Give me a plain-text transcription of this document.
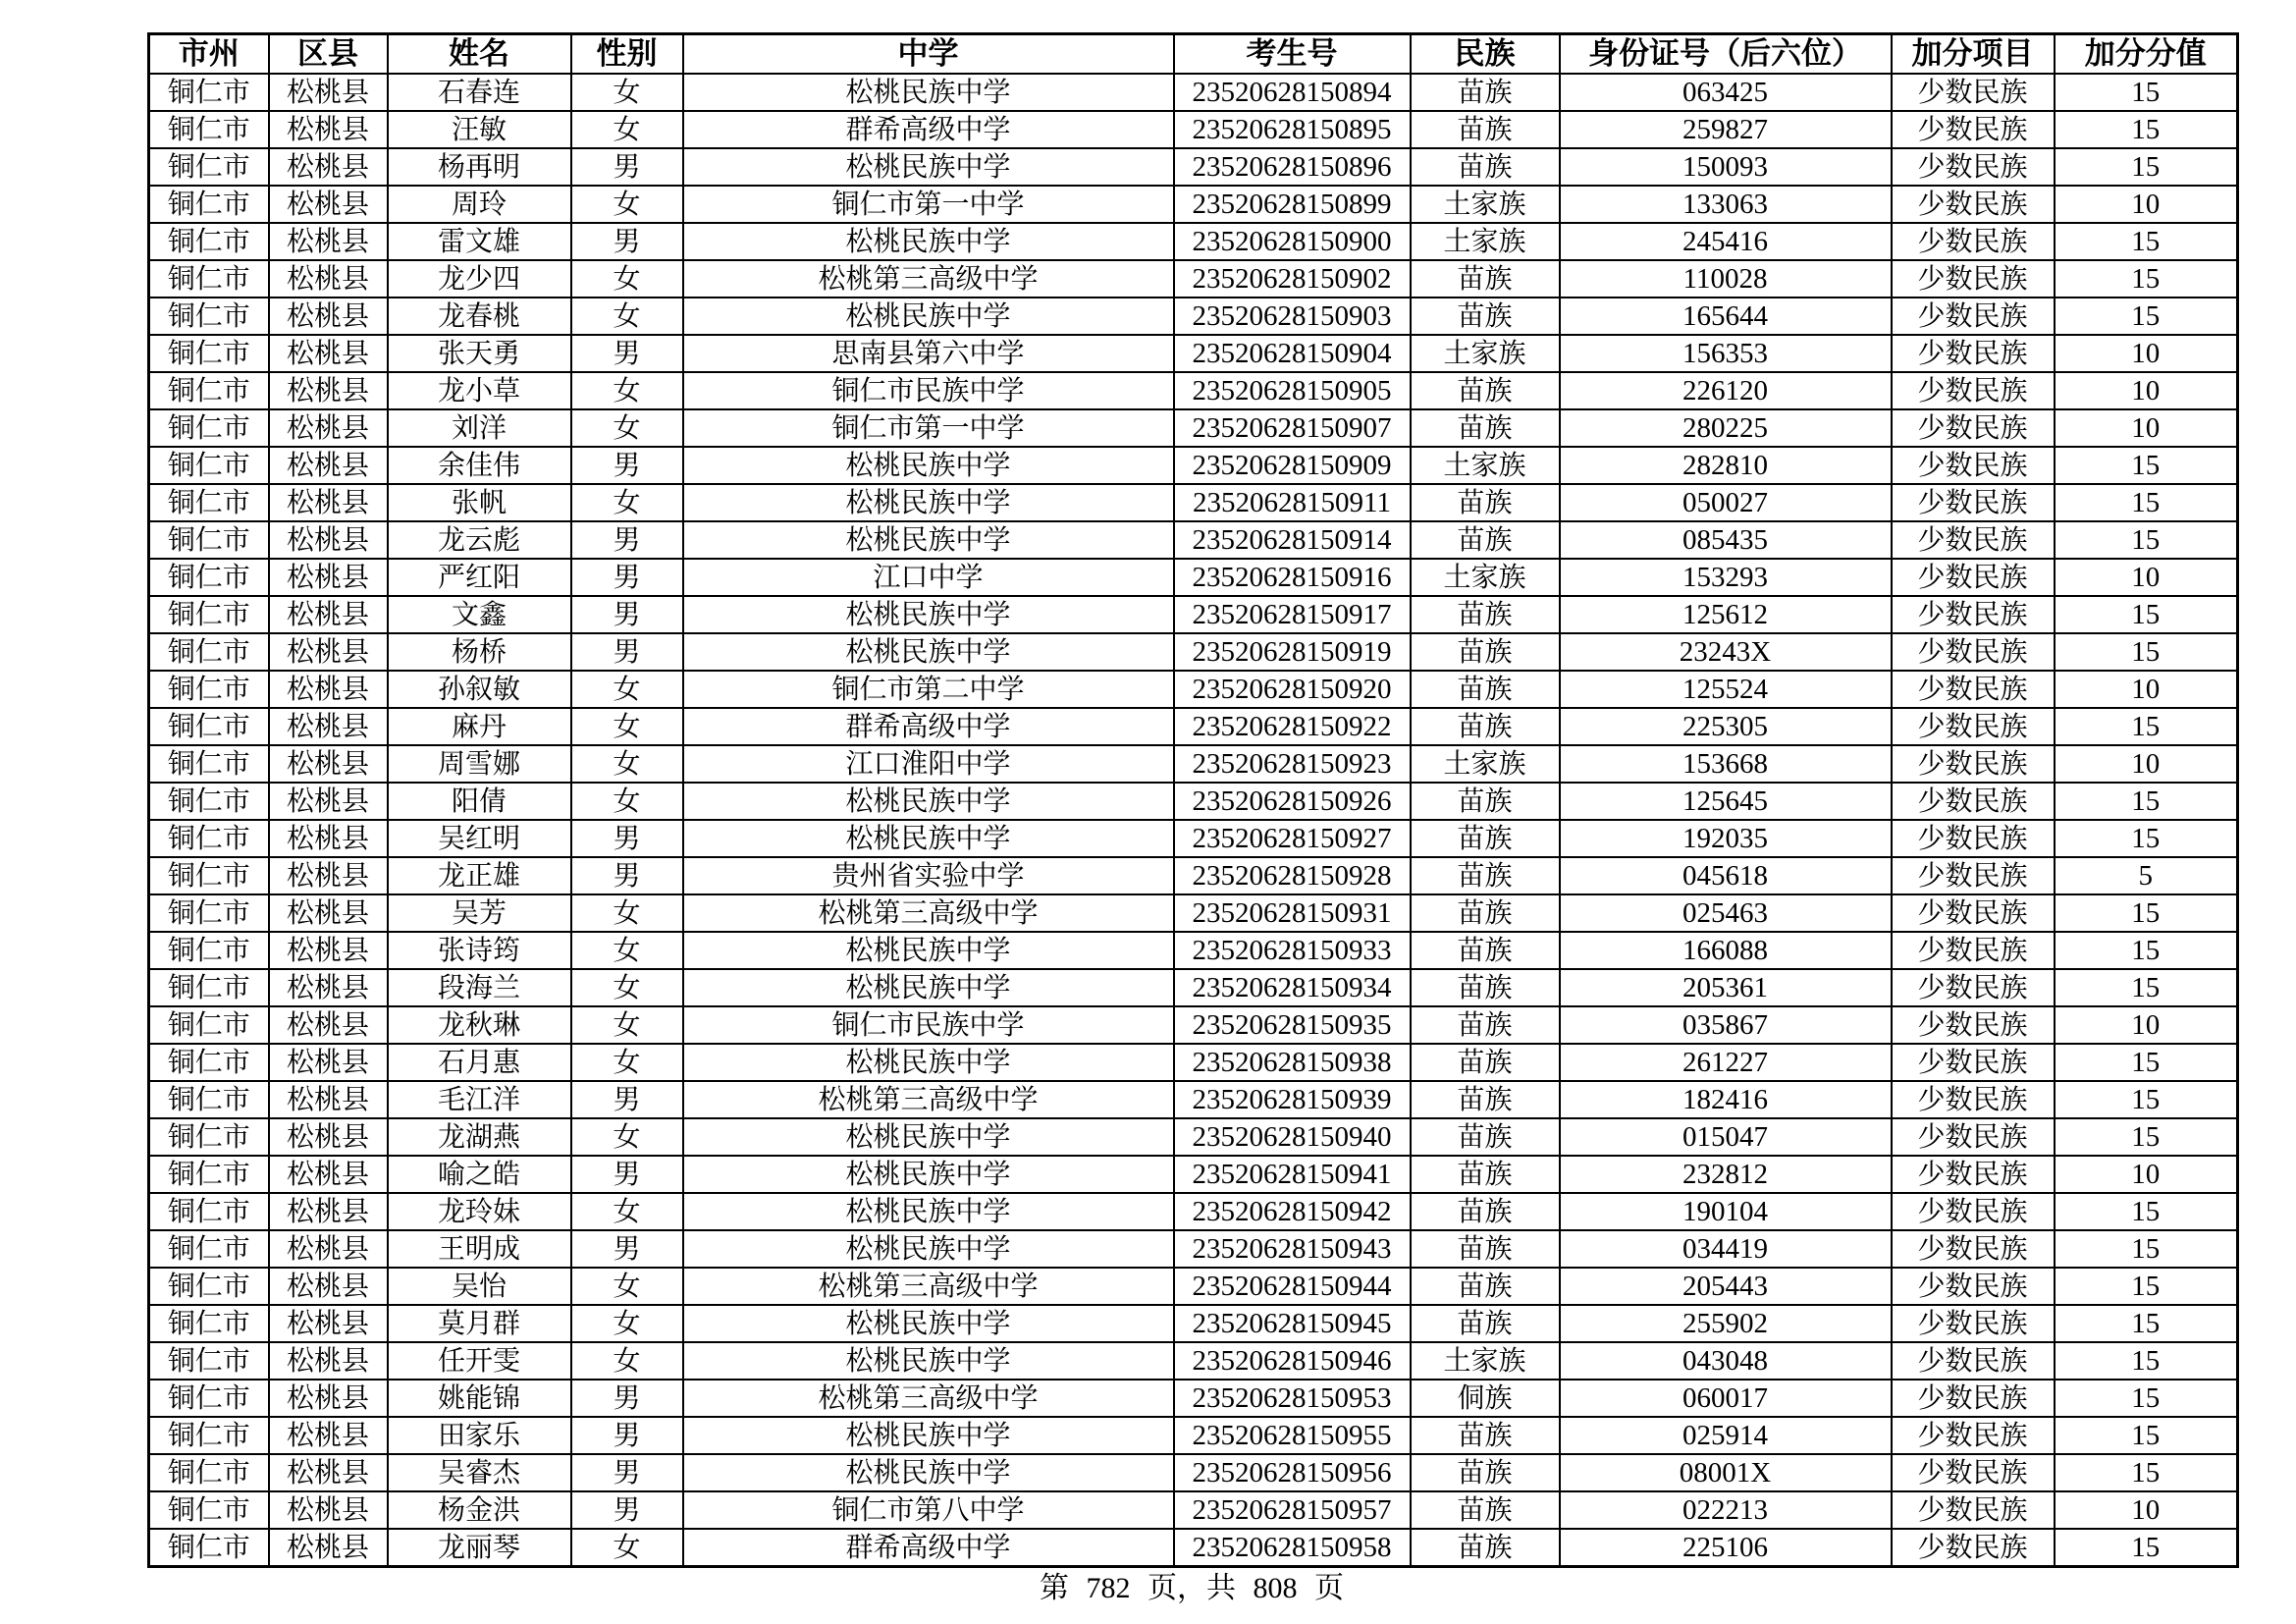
市州	区县	姓名	性别	中学	考生号	民族	身份证号（后六位）	加分项目	加分分值
铜仁市	松桃县	石春连	女	松桃民族中学	23520628150894	苗族	063425	少数民族	15
铜仁市	松桃县	汪敏	女	群希高级中学	23520628150895	苗族	259827	少数民族	15
铜仁市	松桃县	杨再明	男	松桃民族中学	23520628150896	苗族	150093	少数民族	15
铜仁市	松桃县	周玲	女	铜仁市第一中学	23520628150899	土家族	133063	少数民族	10
铜仁市	松桃县	雷文雄	男	松桃民族中学	23520628150900	土家族	245416	少数民族	15
铜仁市	松桃县	龙少四	女	松桃第三高级中学	23520628150902	苗族	110028	少数民族	15
铜仁市	松桃县	龙春桃	女	松桃民族中学	23520628150903	苗族	165644	少数民族	15
铜仁市	松桃县	张天勇	男	思南县第六中学	23520628150904	土家族	156353	少数民族	10
铜仁市	松桃县	龙小草	女	铜仁市民族中学	23520628150905	苗族	226120	少数民族	10
铜仁市	松桃县	刘洋	女	铜仁市第一中学	23520628150907	苗族	280225	少数民族	10
铜仁市	松桃县	余佳伟	男	松桃民族中学	23520628150909	土家族	282810	少数民族	15
铜仁市	松桃县	张帆	女	松桃民族中学	23520628150911	苗族	050027	少数民族	15
铜仁市	松桃县	龙云彪	男	松桃民族中学	23520628150914	苗族	085435	少数民族	15
铜仁市	松桃县	严红阳	男	江口中学	23520628150916	土家族	153293	少数民族	10
铜仁市	松桃县	文鑫	男	松桃民族中学	23520628150917	苗族	125612	少数民族	15
铜仁市	松桃县	杨桥	男	松桃民族中学	23520628150919	苗族	23243X	少数民族	15
铜仁市	松桃县	孙叙敏	女	铜仁市第二中学	23520628150920	苗族	125524	少数民族	10
铜仁市	松桃县	麻丹	女	群希高级中学	23520628150922	苗族	225305	少数民族	15
铜仁市	松桃县	周雪娜	女	江口淮阳中学	23520628150923	土家族	153668	少数民族	10
铜仁市	松桃县	阳倩	女	松桃民族中学	23520628150926	苗族	125645	少数民族	15
铜仁市	松桃县	吴红明	男	松桃民族中学	23520628150927	苗族	192035	少数民族	15
铜仁市	松桃县	龙正雄	男	贵州省实验中学	23520628150928	苗族	045618	少数民族	5
铜仁市	松桃县	吴芳	女	松桃第三高级中学	23520628150931	苗族	025463	少数民族	15
铜仁市	松桃县	张诗筠	女	松桃民族中学	23520628150933	苗族	166088	少数民族	15
铜仁市	松桃县	段海兰	女	松桃民族中学	23520628150934	苗族	205361	少数民族	15
铜仁市	松桃县	龙秋琳	女	铜仁市民族中学	23520628150935	苗族	035867	少数民族	10
铜仁市	松桃县	石月惠	女	松桃民族中学	23520628150938	苗族	261227	少数民族	15
铜仁市	松桃县	毛江洋	男	松桃第三高级中学	23520628150939	苗族	182416	少数民族	15
铜仁市	松桃县	龙湖燕	女	松桃民族中学	23520628150940	苗族	015047	少数民族	15
铜仁市	松桃县	喻之皓	男	松桃民族中学	23520628150941	苗族	232812	少数民族	10
铜仁市	松桃县	龙玲妹	女	松桃民族中学	23520628150942	苗族	190104	少数民族	15
铜仁市	松桃县	王明成	男	松桃民族中学	23520628150943	苗族	034419	少数民族	15
铜仁市	松桃县	吴怡	女	松桃第三高级中学	23520628150944	苗族	205443	少数民族	15
铜仁市	松桃县	莫月群	女	松桃民族中学	23520628150945	苗族	255902	少数民族	15
铜仁市	松桃县	任开雯	女	松桃民族中学	23520628150946	土家族	043048	少数民族	15
铜仁市	松桃县	姚能锦	男	松桃第三高级中学	23520628150953	侗族	060017	少数民族	15
铜仁市	松桃县	田家乐	男	松桃民族中学	23520628150955	苗族	025914	少数民族	15
铜仁市	松桃县	吴睿杰	男	松桃民族中学	23520628150956	苗族	08001X	少数民族	15
铜仁市	松桃县	杨金洪	男	铜仁市第八中学	23520628150957	苗族	022213	少数民族	10
铜仁市	松桃县	龙丽琴	女	群希高级中学	23520628150958	苗族	225106	少数民族	15
第 782 页，共 808 页
